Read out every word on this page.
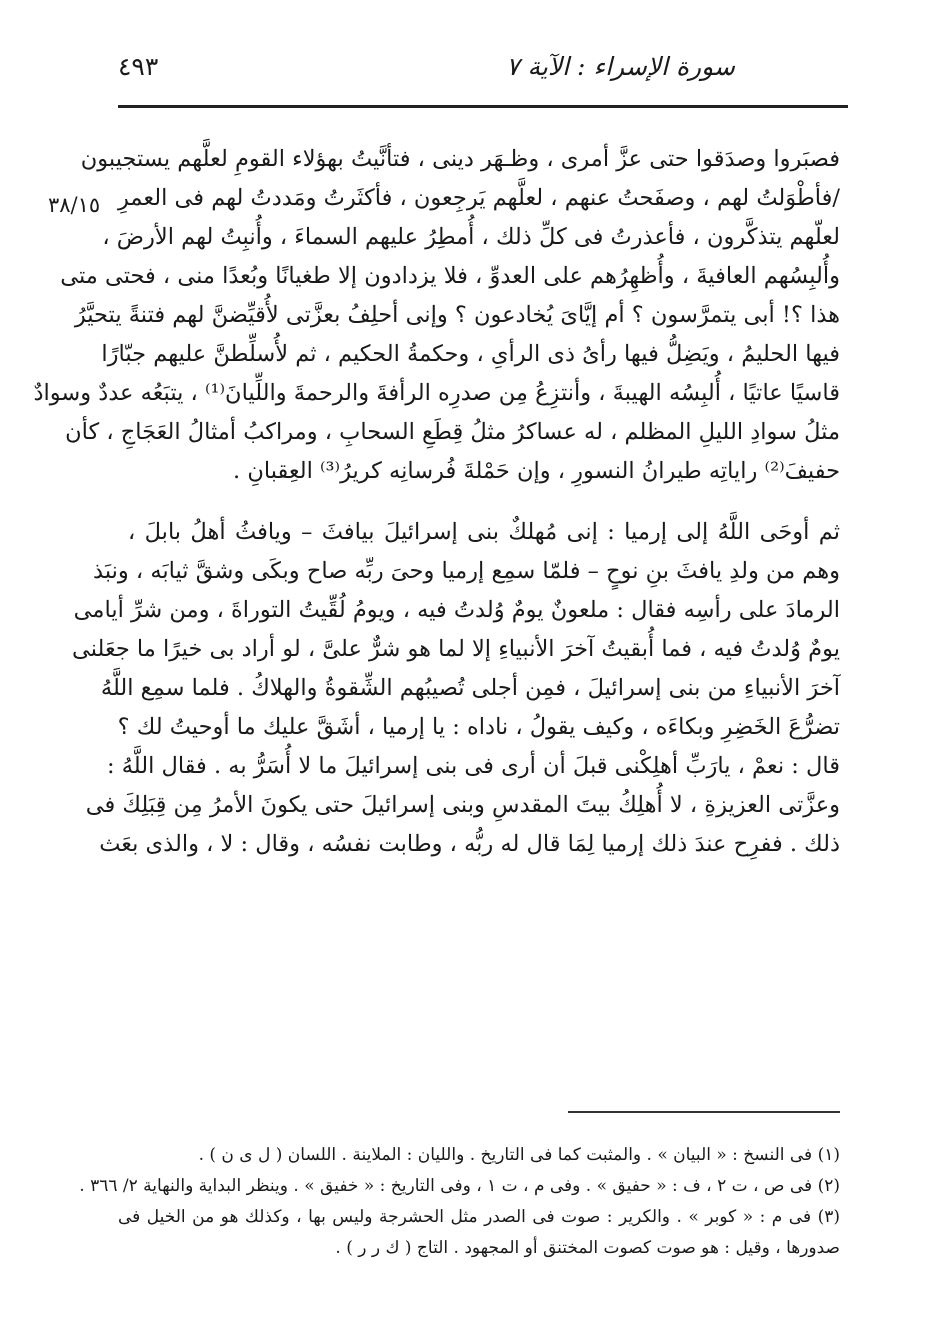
سورة الإسراء : الآية ٧
٤٩٣
٣٨/١٥
فصبَروا وصدَقوا حتى عزَّ أمرى ، وظـهَر دينى ، فتأنَّيتُ بهؤلاء القومِ لعلَّهم يستجيبون
/فأطْوَلتُ لهم ، وصفَحتُ عنهم ، لعلَّهم يَرجِعون ، فأكثَرتُ ومَددتُ لهم فى العمرِ
لعلّهم يتذكَّرون ، فأعذرتُ فى كلِّ ذلك ، أُمطِرُ عليهم السماءَ ، وأُنبِتُ لهم الأرضَ ،
وأُلبِسُهم العافيةَ ، وأُظهِرُهم على العدوِّ ، فلا يزدادون إلا طغيانًا وبُعدًا منى ، فحتى متى
هذا ؟! أبى يتمرَّسون ؟ أم إيَّاىَ يُخادعون ؟ وإنى أحلِفُ بعزَّتى لأُقيِّضنَّ لهم فتنةً يتحيَّرُ
فيها الحليمُ ، ويَضِلُّ فيها رأىُ ذى الرأىِ ، وحكمةُ الحكيم ، ثم لأُسلِّطنَّ عليهم جبّارًا
قاسيًا عاتيًا ، أُلبِسُه الهيبةَ ، وأنتزِعُ مِن صدرِه الرأفةَ والرحمةَ واللِّيانَ⁽¹⁾ ، يتبَعُه عددٌ وسوادٌ
مثلُ سوادِ الليلِ المظلم ، له عساكرُ مثلُ قِطَعِ السحابِ ، ومراكبُ أمثالُ العَجَاجِ ، كأن
حفيفَ⁽²⁾ راياتِه طيرانُ النسورِ ، وإن حَمْلةَ فُرسانِه كريرُ⁽³⁾ العِقبانِ .
ثم أوحَى اللَّهُ إلى إرميا : إنى مُهلكٌ بنى إسرائيلَ بيافثَ – ويافثُ أهلُ بابلَ ،
وهم من ولدِ يافثَ بنِ نوحٍ – فلمّا سمِع إرميا وحىَ ربِّه صاح وبكَى وشقَّ ثيابَه ، ونبَذ
الرمادَ على رأسِه فقال : ملعونٌ يومٌ وُلدتُ فيه ، ويومُ لُقِّيتُ التوراةَ ، ومن شرِّ أيامى
يومٌ وُلدتُ فيه ، فما أُبقيتُ آخرَ الأنبياءِ إلا لما هو شرٌّ علىَّ ، لو أراد بى خيرًا ما جعَلنى
آخرَ الأنبياءِ من بنى إسرائيلَ ، فمِن أجلى تُصيبُهم الشِّقوةُ والهلاكُ . فلما سمِع اللَّهُ
تضرُّعَ الخَضِرِ وبكاءَه ، وكيف يقولُ ، ناداه : يا إرميا ، أشَقَّ عليك ما أوحيتُ لك ؟
قال : نعمْ ، يارَبِّ أهلِكْنى قبلَ أن أرى فى بنى إسرائيلَ ما لا أُسَرُّ به . فقال اللَّهُ :
وعزَّتى العزيزةِ ، لا أُهلِكُ بيتَ المقدسِ وبنى إسرائيلَ حتى يكونَ الأمرُ مِن قِبَلِكَ فى
ذلك . ففرِح عندَ ذلك إرميا لِمَا قال له ربُّه ، وطابت نفسُه ، وقال : لا ، والذى بعَث
(١) فى النسخ : « البيان » . والمثبت كما فى التاريخ . والليان : الملاينة . اللسان ( ل ى ن ) .
(٢) فى ص ، ت ٢ ، ف : « حفيق » . وفى م ، ت ١ ، وفى التاريخ : « خفيق » . وينظر البداية والنهاية ٢/ ٣٦٦ .
(٣) فى م : « كوبر » . والكرير : صوت فى الصدر مثل الحشرجة وليس بها ، وكذلك هو من الخيل فى
صدورها ، وقيل : هو صوت كصوت المختنق أو المجهود . التاج ( ك ر ر ) .
